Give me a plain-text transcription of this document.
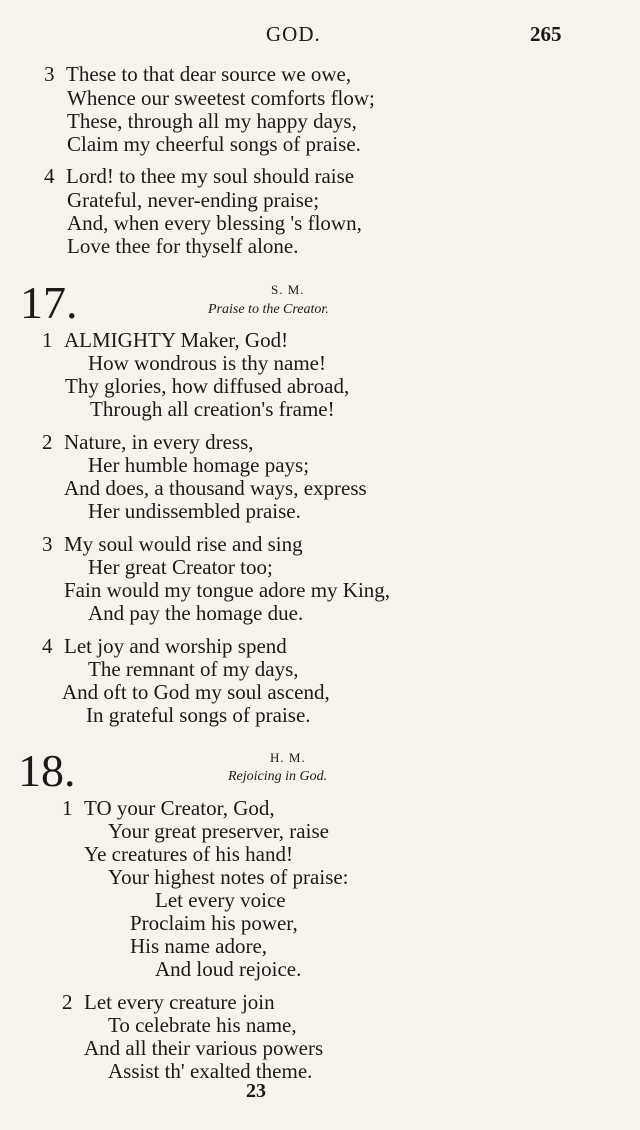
GOD.	265
3 These to that dear source we owe,
Whence our sweetest comforts flow;
These, through all my happy days,
Claim my cheerful songs of praise.
4 Lord! to thee my soul should raise
Grateful, never-ending praise;
And, when every blessing 's flown,
Love thee for thyself alone.
17.	S. M.
Praise to the Creator.
1 ALMIGHTY Maker, God!
How wondrous is thy name!
Thy glories, how diffused abroad,
Through all creation's frame!
2 Nature, in every dress,
Her humble homage pays;
And does, a thousand ways, express
Her undissembled praise.
3 My soul would rise and sing
Her great Creator too;
Fain would my tongue adore my King,
And pay the homage due.
4 Let joy and worship spend
The remnant of my days,
And oft to God my soul ascend,
In grateful songs of praise.
18.	H. M.
Rejoicing in God.
1 TO your Creator, God,
Your great preserver, raise
Ye creatures of his hand!
Your highest notes of praise:
Let every voice
Proclaim his power,
His name adore,
And loud rejoice.
2 Let every creature join
To celebrate his name,
And all their various powers
Assist th' exalted theme.
23
